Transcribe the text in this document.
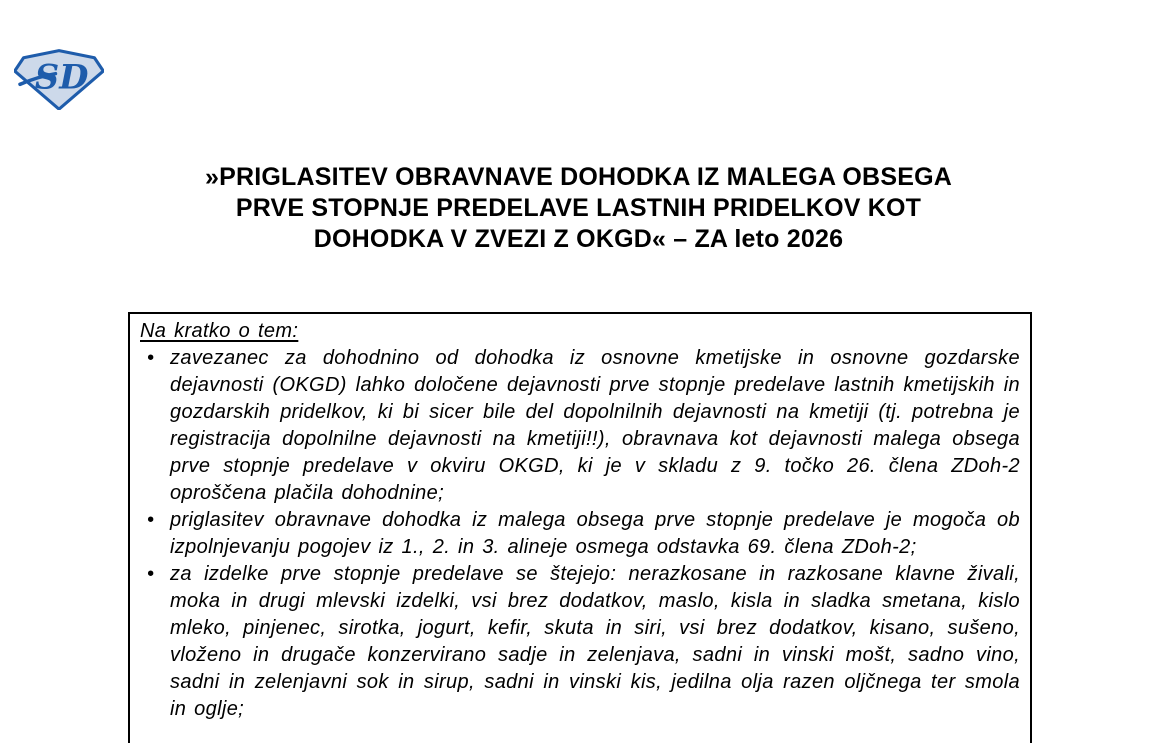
SD
»PRIGLASITEV OBRAVNAVE DOHODKA IZ MALEGA OBSEGA
PRVE STOPNJE PREDELAVE LASTNIH PRIDELKOV KOT
DOHODKA V ZVEZI Z OKGD« – ZA leto 2026
Na kratko o tem:
• zavezanec za dohodnino od dohodka iz osnovne kmetijske in osnovne gozdarske dejavnosti (OKGD) lahko določene dejavnosti prve stopnje predelave lastnih kmetijskih in gozdarskih pridelkov, ki bi sicer bile del dopolnilnih dejavnosti na kmetiji (tj. potrebna je registracija dopolnilne dejavnosti na kmetiji!!), obravnava kot dejavnosti malega obsega prve stopnje predelave v okviru OKGD, ki je v skladu z 9. točko 26. člena ZDoh-2 oproščena plačila dohodnine;
• priglasitev obravnave dohodka iz malega obsega prve stopnje predelave je mogoča ob izpolnjevanju pogojev iz 1., 2. in 3. alineje osmega odstavka 69. člena ZDoh-2;
• za izdelke prve stopnje predelave se štejejo: nerazkosane in razkosane klavne živali, moka in drugi mlevski izdelki, vsi brez dodatkov, maslo, kisla in sladka smetana, kislo mleko, pinjenec, sirotka, jogurt, kefir, skuta in siri, vsi brez dodatkov, kisano, sušeno, vloženo in drugače konzervirano sadje in zelenjava, sadni in vinski mošt, sadno vino, sadni in zelenjavni sok in sirup, sadni in vinski kis, jedilna olja razen oljčnega ter smola in oglje;
